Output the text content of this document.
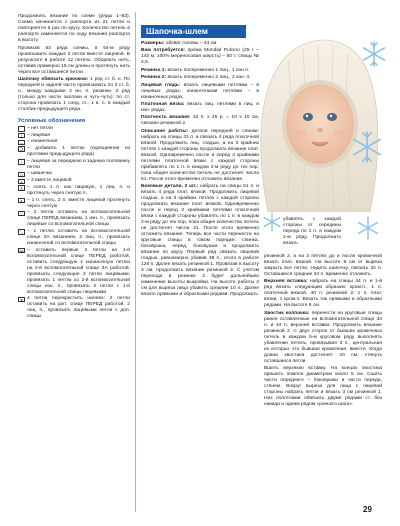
Продолжить вязание по схеме (ряды 1–53). Схема начинается с раппорта из 21 петли и повторяется 6 раз по кругу. Количество петель в раппорте изменяется по ходу вязания раппорта в высоту.

Провязав 53 ряда схемы, в 54-м ряду провязывать каждые 2 петли вместе лицевой. В результате в работе 12 петель. Оборвать нить, оставив примерно 15 см длины и протянуть нить через все оставшиеся петли.

Шапочку обвязать крючком: 1 ряд ст. б. н. По передней и задней части провязывать по 3 ст. б. н., между каждыми 2 ин. п. резинки. 2 ряд (только для части заплаки и чуть-чуть): по ст. сторона провязать 1 соед. ст., 1 в. п. в каждый столбик предыдущего ряда.

Условные обозначения
– нет петли
|	– лицевая
– – изнаночная
Ↄ – добавить 1 петлю (скрещенная из протяжки предыдущего ряда)
↑ – лицевая за переднюю и заднюю половинку петли
◊ – шишечка
∧ – 2 вместе лицевой
λ – снять 1 п. как лицевую, 1 лиц. п. и протянуть через снятую п.
Λ – 1 п. снять, 2 п. вместе лицевой протянуть через снятую
⟋ – 2 петли оставить на вспомогательной спице ПЕРЕД вязанием, 1 изн. п., провязать лицевые со вспомогательной спицы
⟍ – 1 петлю оставить на вспомогательной спице ЗА вязанием, 2 лиц. п., провязать изнаночной со вспомогательной спицы
⋈ – оставить первые 2 петли на 1-й вспомогательной спице ПЕРЕД работой, оставить следующую 1 изнаночную петлю на 2-й вспомогательной спице ЗА работой, провязать следующие 2 петли лицевыми, провязать 1 петлю со 2-й вспомогательной спицы изн. п., провязать 2 петли с 1-й вспомогательной спицы лицевыми
✕ 4 петли перекрестить налево: 2 петли оставить на доп. спице ПЕРЕД работой, 2 лиц. п., провязать лицевыми петли с доп. спицы
Шапочка-шлем

Размеры: обхват головы – 44 см

Вам потребуется: пряжа Mondial Pulcino (25 г – 140 м, 100% мериносовая шерсть) – 50 г; спицы № 2,5.

Резинка 1: вязать попеременно 1 лиц., 1 изн.п.

Резинка 2: вязать попеременно 2 лиц., 2 изн. п.

Лицевая гладь: вязать лицевыми петлями – в лицевых рядах, изнаночными петлями – в изнаночных рядах.

Платочная вязка: вязать лиц. петлями в лиц. и изн. рядах.

Плотность вязания: 32 п. х 45 р. = 10 х 10 см, связано резинкой 2.

Описание работы: детали передней и спинки: набрать на спицы 31 п. и связать 4 ряда платочной вязкой. Продолжить лиц. гладью, а на 3 крайних петлях с каждой стороны продолжать вязание плат. вязкой. Одновременно после и перед 3 крайними петлями платочной вязки с каждой стороны прибавлять по 1 п. в каждом 2-м ряду до тех пор, пока общее количество петель не достигнет числа 51. После этого временно отложить вязание.

Боковые детали, 2 шт.: набрать на спицы 51 п. и вязать 4 ряда плат. вязкой. Продолжить лицевой гладью, а на 3 крайних петлях с каждой стороны продолжать вязание плат. вязкой. Одновременно после и перед 3 крайними петлями платочной вязки с каждой стороны убавлять по 1 п. в каждом 2-м ряду до тех пор, пока общее количество петель не достигнет числа 31. После этого временно отложить вязание. Теперь все части перенести на круговые спицы в таком порядке: спинка, боковушка, перед, боковушка и продолжить вязание по кругу. Первый ряд связать лицевой гладью, равномерно убавив 38 п., итого в работе 126 п. Далее вязать резинкой 1. Провязав в высоту 3 см, продолжить вязание резинкой 2. С учетом перехода в резинке 2 будет дальнейшее изменение высоты выкройки. На высоте работы 3 см для выреза лица убавить средние 10 п.. Далее вязать прямыми и обратными рядами. Продолжать

убавлять с каждой стороны от середины переда по 1 п. в каждом 2-м ряду. Продолжать вязать

резинкой 2, а на 3 петлях до и после кромочной вязать плат. вязкой. На высоте 9 см от выреза закрыть все петли. Надеть шапочку, связать 32 п. Оставшиеся средние 34 п. временно отложить.

Верхняя вставка: набрать на спицы 44 п. и 1-й ряд вязать следующим образом: кром.п., 1 п. платочной вязкой, 40 п. резинкой 2, 1 п. плат. вязки, 1 кром.п. Вязать так прямыми и обратными рядами. На высоте 9 см.

Хвостик колпачка: перенести на круговые спицы ранее оставленные на вспомогательной спице 34 п. и 44 п. верхней вставки. Продолжить вязание резинкой 2. С двух сторон от бывших кромочных петель в каждом 5-м круговом ряду выполнять убавление петель, провязывая 3 п., центральная из которых это бывшая кромочная, вместе. Когда длина хвостика достигнет 20 см, стянуть оставшиеся петли.

Вшить верхнюю вставку. На концах хвостика пришить помпон диаметром около 5 см. Сшить части переднего – боковушки и части переда, стянем. Вокруг выреза для лица с лицевой стороны набрать петли и вязать 3 см резинкой 1. Низ полотнами обвязать двумя рядами ст. без накида и одним рядом «рачьего шага».

29
